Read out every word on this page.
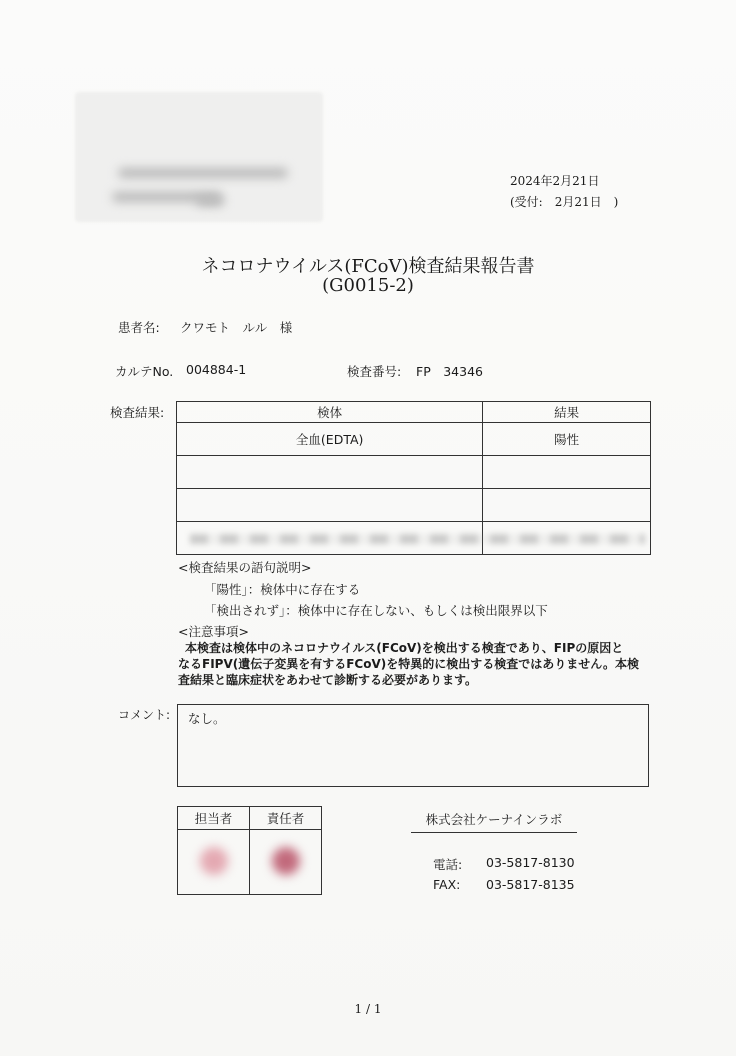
2024年2月21日
(受付:　2月21日　)
ネコロナウイルス(FCoV)検査結果報告書
(G0015-2)
患者名: クワモト　ルル　様
カルテNo. 004884-1	検査番号: FP　34346
検査結果:	検体	結果
全血(EDTA)	陽性

<検査結果の語句説明>
「陽性」：検体中に存在する
「検出されず」：検体中に存在しない、もしくは検出限界以下
<注意事項>
本検査は検体中のネコロナウイルス(FCoV)を検出する検査であり、FIPの原因と
なるFIPV(遺伝子変異を有するFCoV)を特異的に検出する検査ではありません。本検
査結果と臨床症状をあわせて診断する必要があります。
コメント:	なし。
担当者	責任者
		株式会社ケーナインラボ
電話: 03-5817-8130
FAX: 03-5817-8135
1 / 1
